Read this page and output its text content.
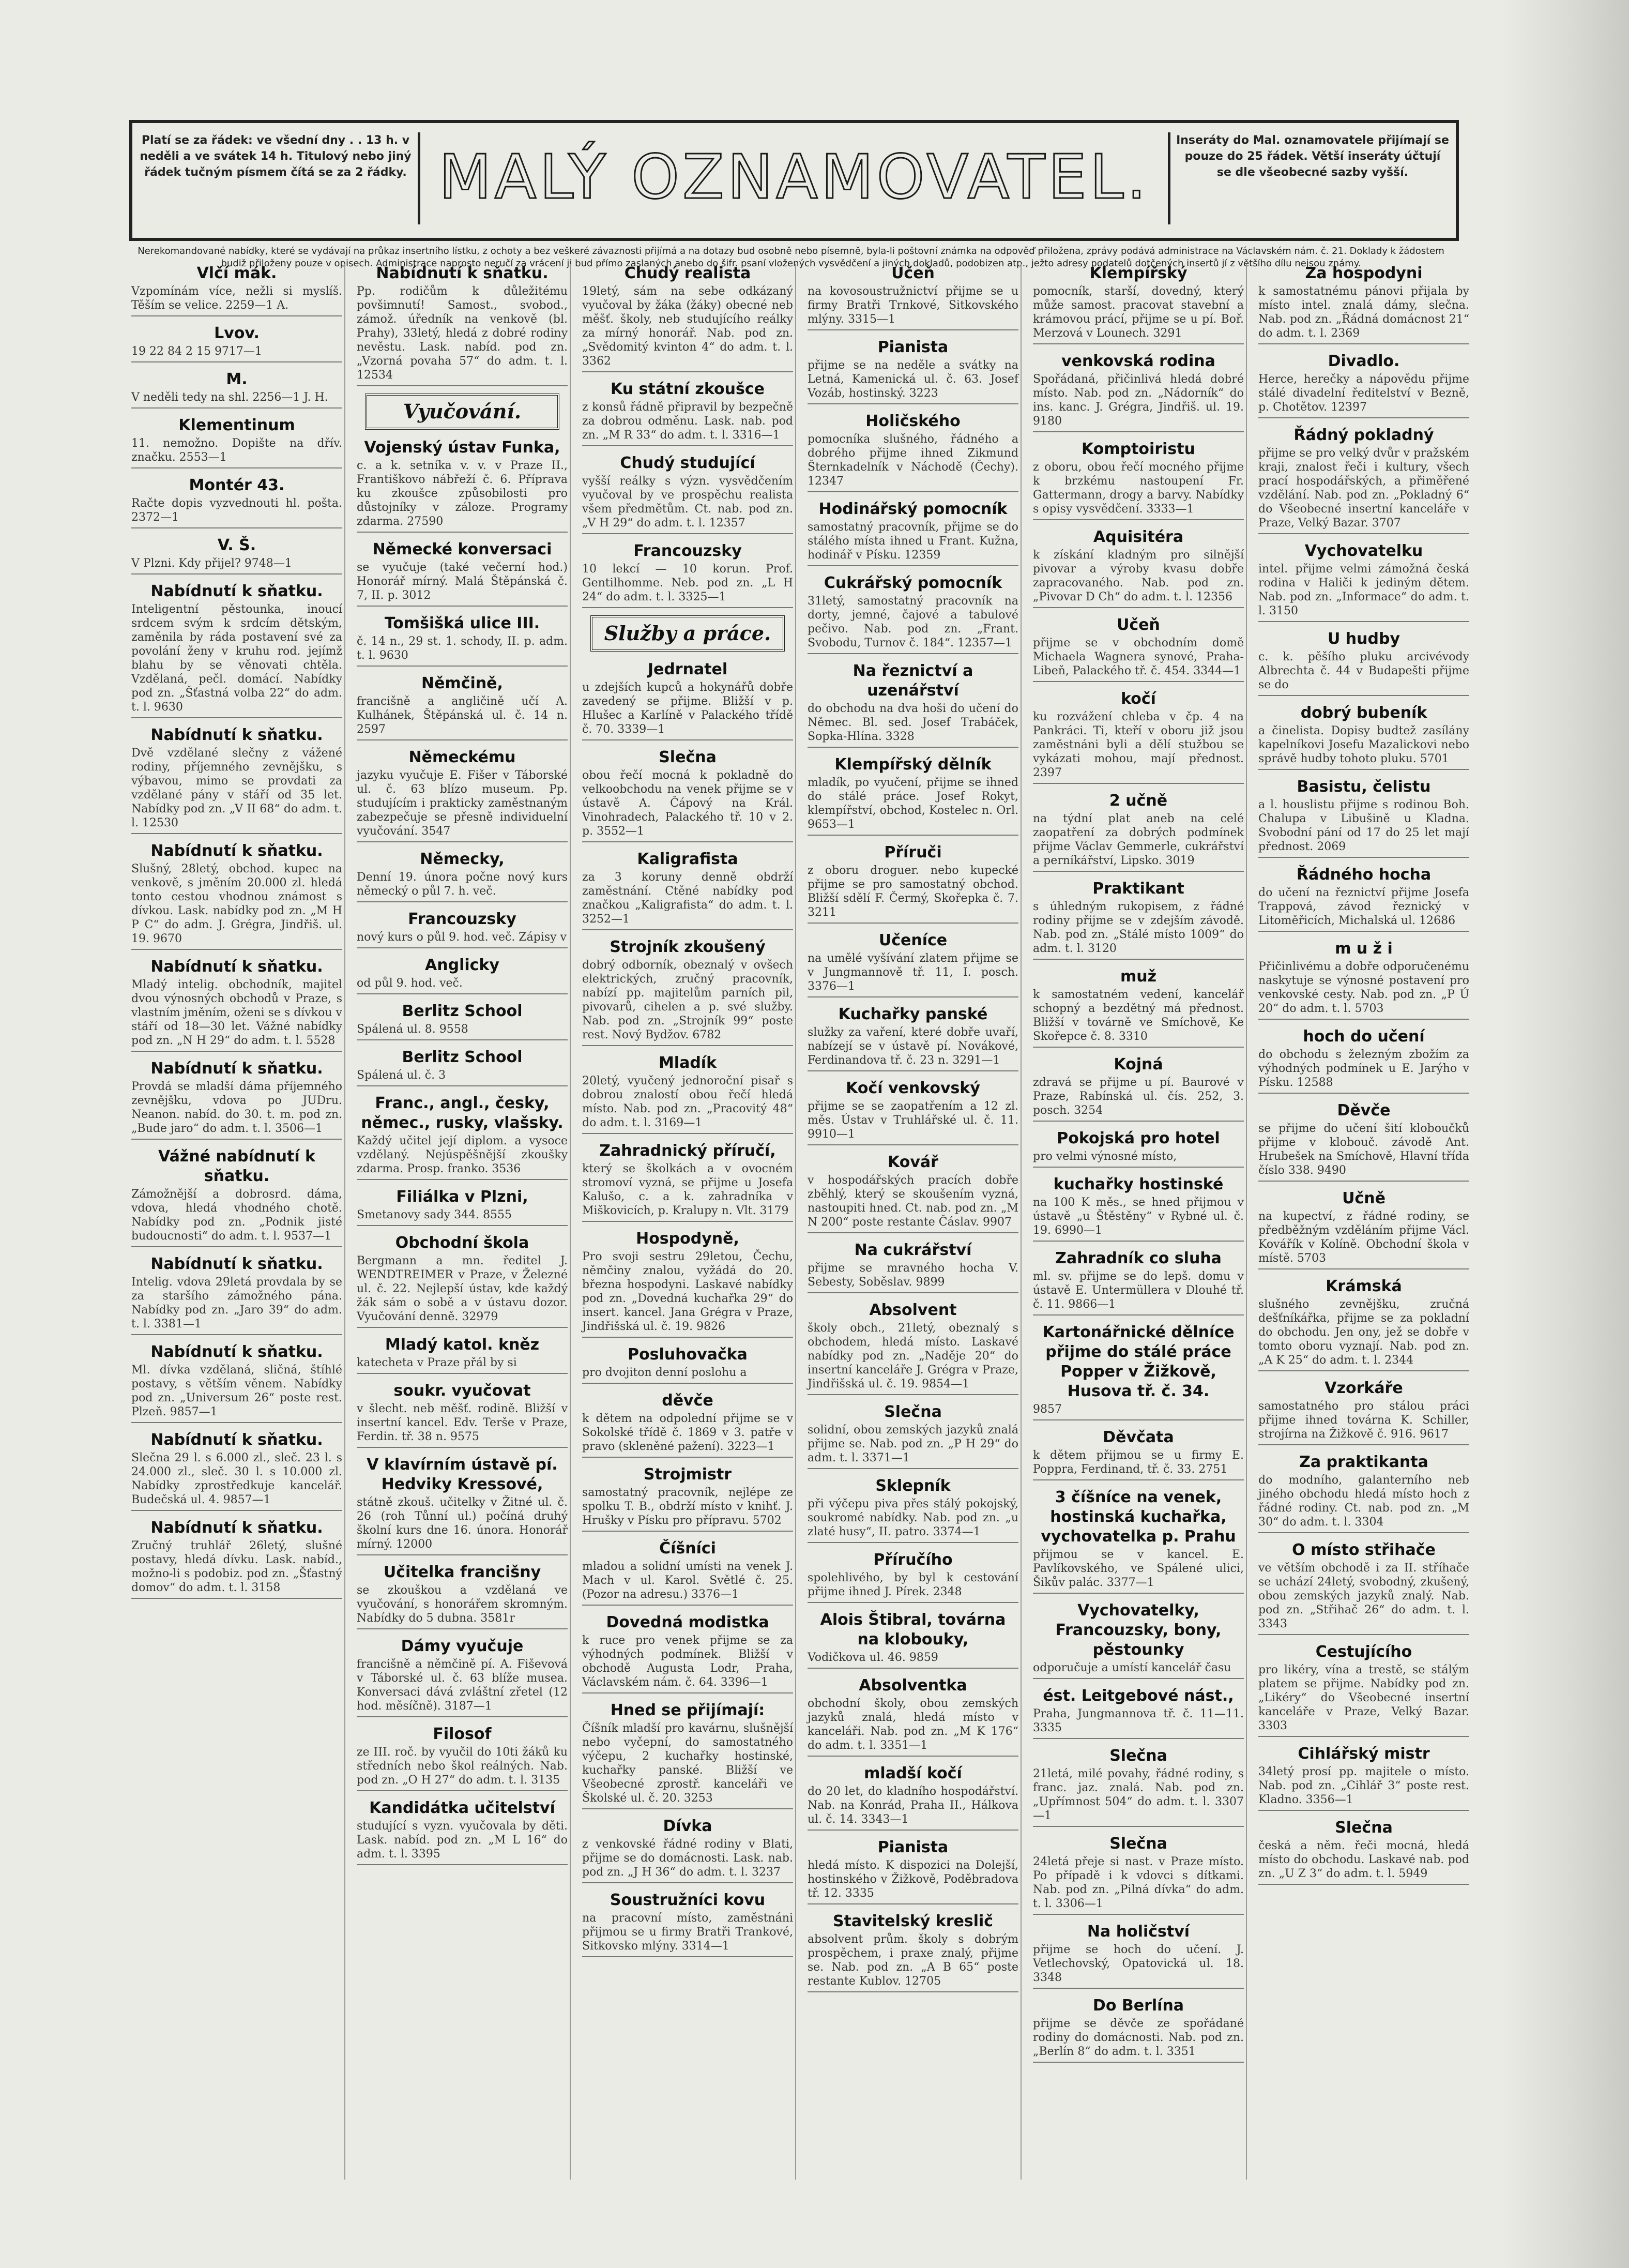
Platí se za řádek: ve všední dny . . 13 h. v neděli a ve svátek 14 h. Titulový nebo jiný řádek tučným písmem čítá se za 2 řádky. MALÝ OZNAMOVATEL.
Inseráty do Mal. oznamovatele přijímají se pouze do 25 řádek. Větší inseráty účtují se dle všeobecné sazby vyšší.
Nerekomandované nabídky, které se vydávají na průkaz insertního lístku, z ochoty a bez veškeré závaznosti přijímá a na dotazy bud osobně nebo písemně, byla-li poštovní známka na odpověď přiložena, zprávy podává administrace na Václavském nám. č. 21. Doklady k žádostem budiž přiloženy pouze v opisech. Administrace naprosto neručí za vrácení ji bud přímo zaslaných anebo do šifr. psaní vložených vysvědčení a jiných dokladů, podobizen atp., ježto adresy podatelů dotčených insertů jí z většího dílu nejsou známy.
Vlčí mák.

Vzpomínám více, nežli si myslíš. Těším se velice. 2259—1 A.

Lvov.

19 22 84 2 15 9717—1

M.

V neděli tedy na shl. 2256—1 J. H.

Klementinum

11. nemožno. Dopište na dřív. značku. 2553—1

Montér 43.

Račte dopis vyzvednouti hl. pošta. 2372—1

V. Š.

V Plzni. Kdy přijel? 9748—1

Nabídnutí k sňatku.

Inteligentní pěstounka, inoucí srdcem svým k srdcím dětským, zaměnila by ráda postavení své za povolání ženy v kruhu rod. jejímž blahu by se věnovati chtěla. Vzdělaná, pečl. domácí. Nabídky pod zn. „Šťastná volba 22“ do adm. t. l. 9630

Nabídnutí k sňatku.

Dvě vzdělané slečny z vážené rodiny, příjemného zevnějšku, s výbavou, mimo se provdati za vzdělané pány v stáří od 35 let. Nabídky pod zn. „V II 68“ do adm. t. l. 12530

Nabídnutí k sňatku.

Slušný, 28letý, obchod. kupec na venkově, s jměním 20.000 zl. hledá tonto cestou vhodnou známost s dívkou. Lask. nabídky pod zn. „M H P C“ do adm. J. Grégra, Jindřiš. ul. 19. 9670

Nabídnutí k sňatku.

Mladý intelig. obchodník, majitel dvou výnosných obchodů v Praze, s vlastním jměním, oženi se s dívkou v stáří od 18—30 let. Vážné nabídky pod zn. „N H 29“ do adm. t. l. 5528

Nabídnutí k sňatku.

Provdá se mladší dáma příjemného zevnějšku, vdova po JUDru. Neanon. nabíd. do 30. t. m. pod zn. „Bude jaro“ do adm. t. l. 3506—1

Vážné nabídnutí k sňatku.

Zámožnější a dobrosrd. dáma, vdova, hledá vhodného chotě. Nabídky pod zn. „Podnik jisté budoucnosti“ do adm. t. l. 9537—1

Nabídnutí k sňatku.

Intelig. vdova 29letá provdala by se za staršího zámožného pána. Nabídky pod zn. „Jaro 39“ do adm. t. l. 3381—1

Nabídnutí k sňatku.

Ml. dívka vzdělaná, sličná, štíhlé postavy, s větším věnem. Nabídky pod zn. „Universum 26“ poste rest. Plzeň. 9857—1

Nabídnutí k sňatku.

Slečna 29 l. s 6.000 zl., sleč. 23 l. s 24.000 zl., sleč. 30 l. s 10.000 zl. Nabídky zprostředkuje kancelář. Budečská ul. 4. 9857—1

Nabídnutí k sňatku.

Zručný truhlář 26letý, slušné postavy, hledá dívku. Lask. nabíd., možno-li s podobiz. pod zn. „Šťastný domov“ do adm. t. l. 3158

Nabídnutí k sňatku.

Pp. rodičům k důležitému povšimnutí! Samost., svobod., zámož. úředník na venkově (bl. Prahy), 33letý, hledá z dobré rodiny nevěstu. Lask. nabíd. pod zn. „Vzorná povaha 57“ do adm. t. l. 12534

Vyučování.
Vojenský ústav Funka,

c. a k. setníka v. v. v Praze II., Františkovo nábřeží č. 6. Příprava ku zkoušce způsobilosti pro důstojníky v záloze. Programy zdarma. 27590

Německé konversaci

se vyučuje (také večerní hod.) Honorář mírný. Malá Štěpánská č. 7, II. p. 3012

Tomšišká ulice III.

č. 14 n., 29 st. 1. schody, II. p. adm. t. l. 9630

Němčině,

francišně a angličině učí A. Kulhánek, Štěpánská ul. č. 14 n. 2597

Německému

jazyku vyučuje E. Fišer v Táborské ul. č. 63 blízo museum. Pp. studujícím i prakticky zaměstnaným zabezpečuje se přesně individuelní vyučování. 3547

Německy,

Denní 19. února počne nový kurs německý o půl 7. h. več.

Francouzsky

nový kurs o půl 9. hod. več. Zápisy v

Anglicky

od půl 9. hod. več.

Berlitz School

Spálená ul. 8. 9558

Berlitz School

Spálená ul. č. 3

Franc., angl., česky, němec., rusky, vlašsky.

Každý učitel její diplom. a vysoce vzdělaný. Nejúspěšnější zkoušky zdarma. Prosp. franko. 3536

Filiálka v Plzni,

Smetanovy sady 344. 8555

Obchodní škola

Bergmann a mn. ředitel J. WENDTREIMER v Praze, v Železné ul. č. 22. Nejlepší ústav, kde každý žák sám o sobě a v ústavu dozor. Vyučování denně. 32979

Mladý katol. kněz

katecheta v Praze přál by si

soukr. vyučovat

v šlecht. neb měšť. rodině. Bližší v insertní kancel. Edv. Terše v Praze, Ferdin. tř. 38 n. 9575

V klavírním ústavě pí. Hedviky Kressové,

státně zkouš. učitelky v Žitné ul. č. 26 (roh Tůnní ul.) počíná druhý školní kurs dne 16. února. Honorář mírný. 12000

Učitelka francišny

se zkouškou a vzdělaná ve vyučování, s honorářem skromným. Nabídky do 5 dubna. 3581r

Dámy vyučuje

francišně a němčině pí. A. Fiševová v Táborské ul. č. 63 blíže musea. Konversaci dává zvláštní zřetel (12 hod. měsíčně). 3187—1

Filosof

ze III. roč. by vyučil do 10ti žáků ku středních nebo škol reálných. Nab. pod zn. „O H 27“ do adm. t. l. 3135

Kandidátka učitelství

studující s vyzn. vyučovala by děti. Lask. nabíd. pod zn. „M L 16“ do adm. t. l. 3395

Chudý realista

19letý, sám na sebe odkázaný vyučoval by žáka (žáky) obecné neb měšť. školy, neb studujícího reálky za mírný honorář. Nab. pod zn. „Svědomitý kvinton 4“ do adm. t. l. 3362

Ku státní zkoušce

z konsů řádně připravil by bezpečně za dobrou odměnu. Lask. nab. pod zn. „M R 33“ do adm. t. l. 3316—1

Chudý studující

vyšší reálky s význ. vysvědčením vyučoval by ve prospěchu realista všem předmětům. Ct. nab. pod zn. „V H 29“ do adm. t. l. 12357

Francouzsky

10 lekcí — 10 korun. Prof. Gentilhomme. Neb. pod zn. „L H 24“ do adm. t. l. 3325—1

Služby a práce.
Jedrnatel

u zdejších kupců a hokynářů dobře zavedený se přijme. Bližší v p. Hlušec a Karlíně v Palackého třídě č. 70. 3339—1

Slečna

obou řečí mocná k pokladně do velkoobchodu na venek přijme se v ústavě A. Čápový na Král. Vinohradech, Palackého tř. 10 v 2. p. 3552—1

Kaligrafista

za 3 koruny denně obdrží zaměstnání. Ctěné nabídky pod značkou „Kaligrafista“ do adm. t. l. 3252—1

Strojník zkoušený

dobrý odborník, obeznalý v ovšech elektrických, zručný pracovník, nabízí pp. majitelům parních pil, pivovarů, cihelen a p. své služby. Nab. pod zn. „Strojník 99“ poste rest. Nový Bydžov. 6782

Mladík

20letý, vyučený jednoroční pisař s dobrou znalostí obou řečí hledá místo. Nab. pod zn. „Pracovitý 48“ do adm. t. l. 3169—1

Zahradnický příručí,

který se školkách a v ovocném stromoví vyzná, se přijme u Josefa Kalušo, c. a k. zahradníka v Miškovicích, p. Kralupy n. Vlt. 3179

Hospodyně,

Pro svoji sestru 29letou, Čechu, němčiny znalou, vyžádá do 20. března hospodyni. Laskavé nabídky pod zn. „Dovedná kuchařka 29“ do insert. kancel. Jana Grégra v Praze, Jindřišská ul. č. 19. 9826

Posluhovačka

pro dvojiton denní poslohu a

děvče

k dětem na odpolední přijme se v Sokolské třídě č. 1869 v 3. patře v pravo (skleněné pažení). 3223—1

Strojmistr

samostatný pracovník, nejlépe ze spolku T. B., obdrží místo v knihť. J. Hrušky v Písku pro přípravu. 5702

Číšníci

mladou a solidní umísti na venek J. Mach v ul. Karol. Světlé č. 25. (Pozor na adresu.) 3376—1

Dovedná modistka

k ruce pro venek přijme se za výhodných podmínek. Bližší v obchodě Augusta Lodr, Praha, Václavském nám. č. 64. 3396—1

Hned se přijímají:

Číšník mladší pro kavárnu, slušnější nebo vyčepní, do samostatného výčepu, 2 kuchařky hostinské, kuchařky panské. Bližší ve Všeobecné zprostř. kanceláři ve Školské ul. č. 20. 3253

Dívka

z venkovské řádné rodiny v Blati, přijme se do domácnosti. Lask. nab. pod zn. „J H 36“ do adm. t. l. 3237

Soustružníci kovu

na pracovní místo, zaměstnáni přijmou se u firmy Bratři Trankové, Sitkovsko mlýny. 3314—1

Učeň

na kovosoustružnictví přijme se u firmy Bratři Trnkové, Sitkovského mlýny. 3315—1

Pianista

přijme se na neděle a svátky na Letná, Kamenická ul. č. 63. Josef Vozáb, hostinský. 3223

Holičského

pomocníka slušného, řádného a dobrého přijme ihned Zikmund Šternkadelník v Náchodě (Čechy). 12347

Hodinářský pomocník

samostatný pracovník, přijme se do stálého místa ihned u Frant. Kužna, hodinář v Písku. 12359

Cukrářský pomocník

31letý, samostatný pracovník na dorty, jemné, čajové a tabulové pečivo. Nab. pod zn. „Frant. Svobodu, Turnov č. 184“. 12357—1

Na řeznictví a uzenářství

do obchodu na dva hoši do učení do Němec. Bl. sed. Josef Trabáček, Sopka-Hlína. 3328

Klempířský dělník

mladík, po vyučení, přijme se ihned do stálé práce. Josef Rokyt, klempířství, obchod, Kostelec n. Orl. 9653—1

Příruči

z oboru droguer. nebo kupecké přijme se pro samostatný obchod. Bližší sdělí F. Čermý, Skořepka č. 7. 3211

Učeníce

na umělé vyšívání zlatem přijme se v Jungmannově tř. 11, I. posch. 3376—1

Kuchařky panské

služky za vaření, které dobře uvaří, nabízejí se v ústavě pí. Novákové, Ferdinandova tř. č. 23 n. 3291—1

Kočí venkovský

přijme se se zaopatřením a 12 zl. měs. Ústav v Truhlářské ul. č. 11. 9910—1

Kovář

v hospodářských pracích dobře zběhlý, který se skoušením vyzná, nastoupiti hned. Ct. nab. pod zn. „M N 200“ poste restante Čáslav. 9907

Na cukrářství

přijme se mravného hocha V. Sebesty, Soběslav. 9899

Absolvent

školy obch., 21letý, obeznalý s obchodem, hledá místo. Laskavé nabídky pod zn. „Naděje 20“ do insertní kanceláře J. Grégra v Praze, Jindřišská ul. č. 19. 9854—1

Slečna

solidní, obou zemských jazyků znalá přijme se. Nab. pod zn. „P H 29“ do adm. t. l. 3371—1

Sklepník

při výčepu piva přes stálý pokojský, soukromé nabídky. Nab. pod zn. „u zlaté husy“, II. patro. 3374—1

Příručího

spolehlivého, by byl k cestování přijme ihned J. Pírek. 2348

Alois Štibral, továrna na klobouky,

Vodičkova ul. 46. 9859

Absolventka

obchodní školy, obou zemských jazyků znalá, hledá místo v kanceláři. Nab. pod zn. „M K 176“ do adm. t. l. 3351—1

mladší kočí

do 20 let, do kladního hospodářství. Nab. na Konrád, Praha II., Hálkova ul. č. 14. 3343—1

Pianista

hledá místo. K dispozici na Dolejší, hostinského v Žižkově, Poděbradova tř. 12. 3335

Stavitelský kreslič

absolvent prům. školy s dobrým prospěchem, i praxe znalý, přijme se. Nab. pod zn. „A B 65“ poste restante Kublov. 12705

Klempířský

pomocník, starší, dovedný, který může samost. pracovat stavební a krámovou prácí, přijme se u pí. Boř. Merzová v Lounech. 3291

venkovská rodina

Spořádaná, přičinlivá hledá dobré místo. Nab. pod zn. „Nádorník“ do ins. kanc. J. Grégra, Jindřiš. ul. 19. 9180

Komptoiristu

z oboru, obou řečí mocného přijme k brzkému nastoupení Fr. Gattermann, drogy a barvy. Nabídky s opisy vysvědčení. 3333—1

Aquisitéra

k získání kladným pro silnější pivovar a výroby kvasu dobře zapracovaného. Nab. pod zn. „Pivovar D Ch“ do adm. t. l. 12356

Učeň

přijme se v obchodním domě Michaela Wagnera synové, Praha-Libeň, Palackého tř. č. 454. 3344—1

kočí

ku rozvážení chleba v čp. 4 na Pankráci. Ti, kteří v oboru již jsou zaměstnáni byli a dělí stužbou se vykázati mohou, mají přednost. 2397

2 učně

na týdní plat aneb na celé zaopatření za dobrých podmínek přijme Václav Gemmerle, cukrářství a perníkářství, Lipsko. 3019

Praktikant

s úhledným rukopisem, z řádné rodiny přijme se v zdejším závodě. Nab. pod zn. „Stálé místo 1009“ do adm. t. l. 3120

muž

k samostatném vedení, kancelář schopný a bezdětný má přednost. Bližší v továrně ve Smíchově, Ke Skořepce č. 8. 3310

Kojná

zdravá se přijme u pí. Baurové v Praze, Rabínská ul. čís. 252, 3. posch. 3254

Pokojská pro hotel

pro velmi výnosné místo,

kuchařky hostinské

na 100 K měs., se hned přijmou v ústavě „u Štěstěny“ v Rybné ul. č. 19. 6990—1

Zahradník co sluha

ml. sv. přijme se do lepš. domu v ústavě E. Untermüllera v Dlouhé tř. č. 11. 9866—1

Kartonářnické dělníce přijme do stálé práce Popper v Žižkově, Husova tř. č. 34.

9857

Děvčata

k dětem přijmou se u firmy E. Poppra, Ferdinand, tř. č. 33. 2751

3 číšníce na venek, hostinská kuchařka, vychovatelka p. Prahu

přijmou se v kancel. E. Pavlíkovského, ve Spálené ulici, Šikův palác. 3377—1

Vychovatelky, Francouzsky, bony, pěstounky

odporučuje a umístí kancelář času

ést. Leitgebové nást.,

Praha, Jungmannova tř. č. 11—11. 3335

Slečna

21letá, milé povahy, řádné rodiny, s franc. jaz. znalá. Nab. pod zn. „Upřímnost 504“ do adm. t. l. 3307—1

Slečna

24letá přeje si nast. v Praze místo. Po případě i k vdovci s dítkami. Nab. pod zn. „Pilná dívka“ do adm. t. l. 3306—1

Na holičství

přijme se hoch do učení. J. Vetlechovský, Opatovická ul. 18. 3348

Do Berlína

přijme se děvče ze spořádané rodiny do domácnosti. Nab. pod zn. „Berlín 8“ do adm. t. l. 3351

Za hospodyni

k samostatnému pánovi přijala by místo intel. znalá dámy, slečna. Nab. pod zn. „Řádná domácnost 21“ do adm. t. l. 2369

Divadlo.

Herce, herečky a nápovědu přijme stálé divadelní ředitelství v Bezně, p. Chotětov. 12397

Řádný pokladný

přijme se pro velký dvůr v pražském kraji, znalost řeči i kultury, všech prací hospodářských, a přiměřené vzdělání. Nab. pod zn. „Pokladný 6“ do Všeobecné insertní kanceláře v Praze, Velký Bazar. 3707

Vychovatelku

intel. přijme velmi zámožná česká rodina v Haliči k jediným dětem. Nab. pod zn. „Informace“ do adm. t. l. 3150

U hudby

c. k. pěšího pluku arcivévody Albrechta č. 44 v Budapešti přijme se do

dobrý bubeník

a činelista. Dopisy budtež zasílány kapelníkovi Josefu Mazalickovi nebo správě hudby tohoto pluku. 5701

Basistu, čelistu

a l. houslistu přijme s rodinou Boh. Chalupa v Libušině u Kladna. Svobodní pání od 17 do 25 let mají přednost. 2069

Řádného hocha

do učení na řeznictví přijme Josefa Trappová, závod řeznický v Litoměřicích, Michalská ul. 12686

m u ž i

Přičinlivému a dobře odporučenému naskytuje se výnosné postavení pro venkovské cesty. Nab. pod zn. „P Ú 20“ do adm. t. l. 5703

hoch do učení

do obchodu s železným zbožím za výhodných podmínek u E. Jarýho v Písku. 12588

Děvče

se přijme do učení šití kloboučků přijme v klobouč. závodě Ant. Hrubešek na Smíchově, Hlavní třída číslo 338. 9490

Učně

na kupectví, z řádné rodiny, se předběžným vzděláním přijme Václ. Kovářík v Kolíně. Obchodní škola v místě. 5703

Krámská

slušného zevnějšku, zručná dešťníkářka, přijme se za pokladní do obchodu. Jen ony, jež se dobře v tomto oboru vyznají. Nab. pod zn. „A K 25“ do adm. t. l. 2344

Vzorkáře

samostatného pro stálou práci přijme ihned továrna K. Schiller, strojírna na Žižkově č. 916. 9617

Za praktikanta

do modního, galanterního neb jiného obchodu hledá místo hoch z řádné rodiny. Ct. nab. pod zn. „M 30“ do adm. t. l. 3304

O místo střihače

ve větším obchodě i za II. stříhače se uchází 24letý, svobodný, zkušený, obou zemských jazyků znalý. Nab. pod zn. „Střihač 26“ do adm. t. l. 3343

Cestujícího

pro likéry, vína a trestě, se stálým platem se přijme. Nabídky pod zn. „Likéry“ do Všeobecné insertní kanceláře v Praze, Velký Bazar. 3303

Cihlářský mistr

34letý prosí pp. majitele o místo. Nab. pod zn. „Cihlář 3“ poste rest. Kladno. 3356—1

Slečna

česká a něm. řeči mocná, hledá místo do obchodu. Laskavé nab. pod zn. „U Z 3“ do adm. t. l. 5949
